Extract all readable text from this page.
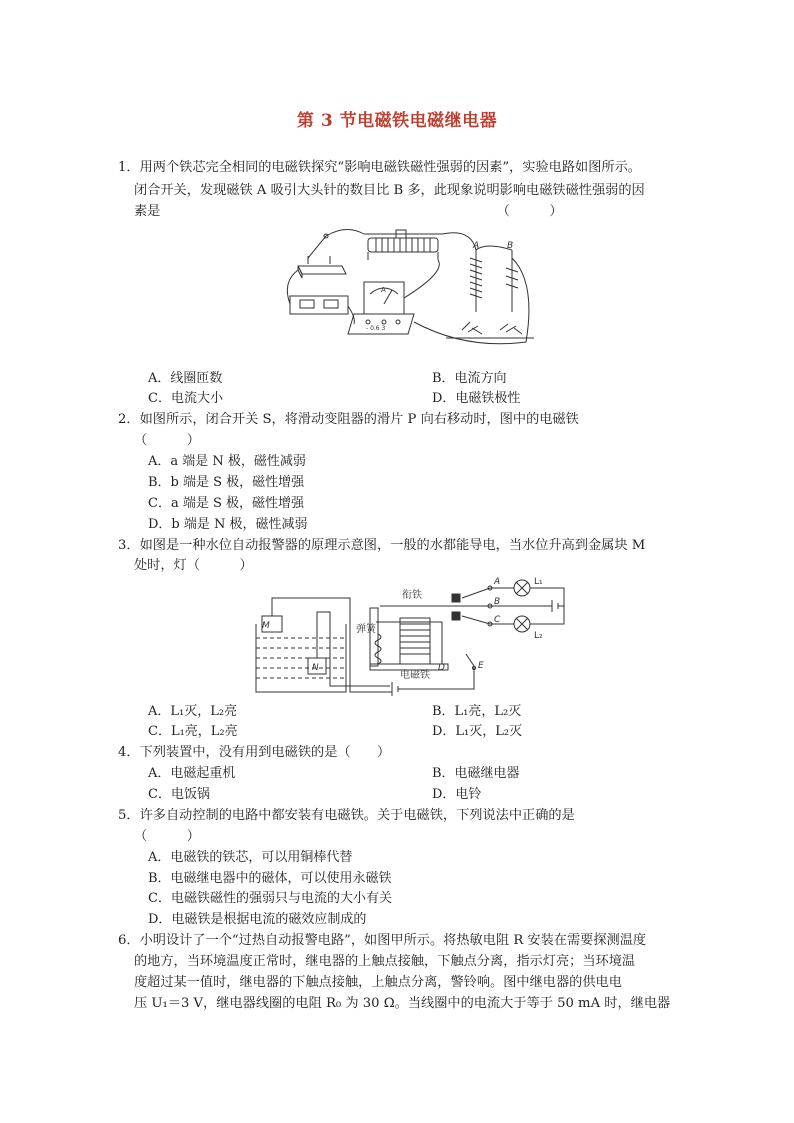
第 3 节电磁铁电磁继电器
1．用两个铁芯完全相同的电磁铁探究“影响电磁铁磁性强弱的因素”，实验电路如图所示。
闭合开关，发现磁铁 A 吸引大头针的数目比 B 多，此现象说明影响电磁铁磁性强弱的因
素是　　　　　　　　　　　　　　　　　　　　　　　　　　（　　　）
A	B
A
- 0.6 3
A．线圈匝数	B．电流方向
C．电流大小	D．电磁铁极性
2．如图所示，闭合开关 S，将滑动变阻器的滑片 P 向右移动时，图中的电磁铁
（　　　）
A．a 端是 N 极，磁性减弱
B．b 端是 S 极，磁性增强
C．a 端是 S 极，磁性增强
D．b 端是 N 极，磁性减弱
3．如图是一种水位自动报警器的原理示意图，一般的水都能导电，当水位升高到金属块 M
处时，灯（　　　）
M
N
衔铁
弹簧
电磁铁
A
B
C
D	E
L₁
L₂
A．L₁灭，L₂亮	B．L₁亮，L₂灭
C．L₁亮，L₂亮	D．L₁灭，L₂灭
4．下列装置中，没有用到电磁铁的是（　　）
A．电磁起重机	B．电磁继电器
C．电饭锅	D．电铃
5．许多自动控制的电路中都安装有电磁铁。关于电磁铁，下列说法中正确的是
（　　　）
A．电磁铁的铁芯，可以用铜棒代替
B．电磁继电器中的磁体，可以使用永磁铁
C．电磁铁磁性的强弱只与电流的大小有关
D．电磁铁是根据电流的磁效应制成的
6．小明设计了一个“过热自动报警电路”，如图甲所示。将热敏电阻 R 安装在需要探测温度
的地方，当环境温度正常时，继电器的上触点接触，下触点分离，指示灯亮；当环境温
度超过某一值时，继电器的下触点接触，上触点分离，警铃响。图中继电器的供电电
压 U₁＝3 V，继电器线圈的电阻 R₀ 为 30 Ω。当线圈中的电流大于等于 50 mA 时，继电器
